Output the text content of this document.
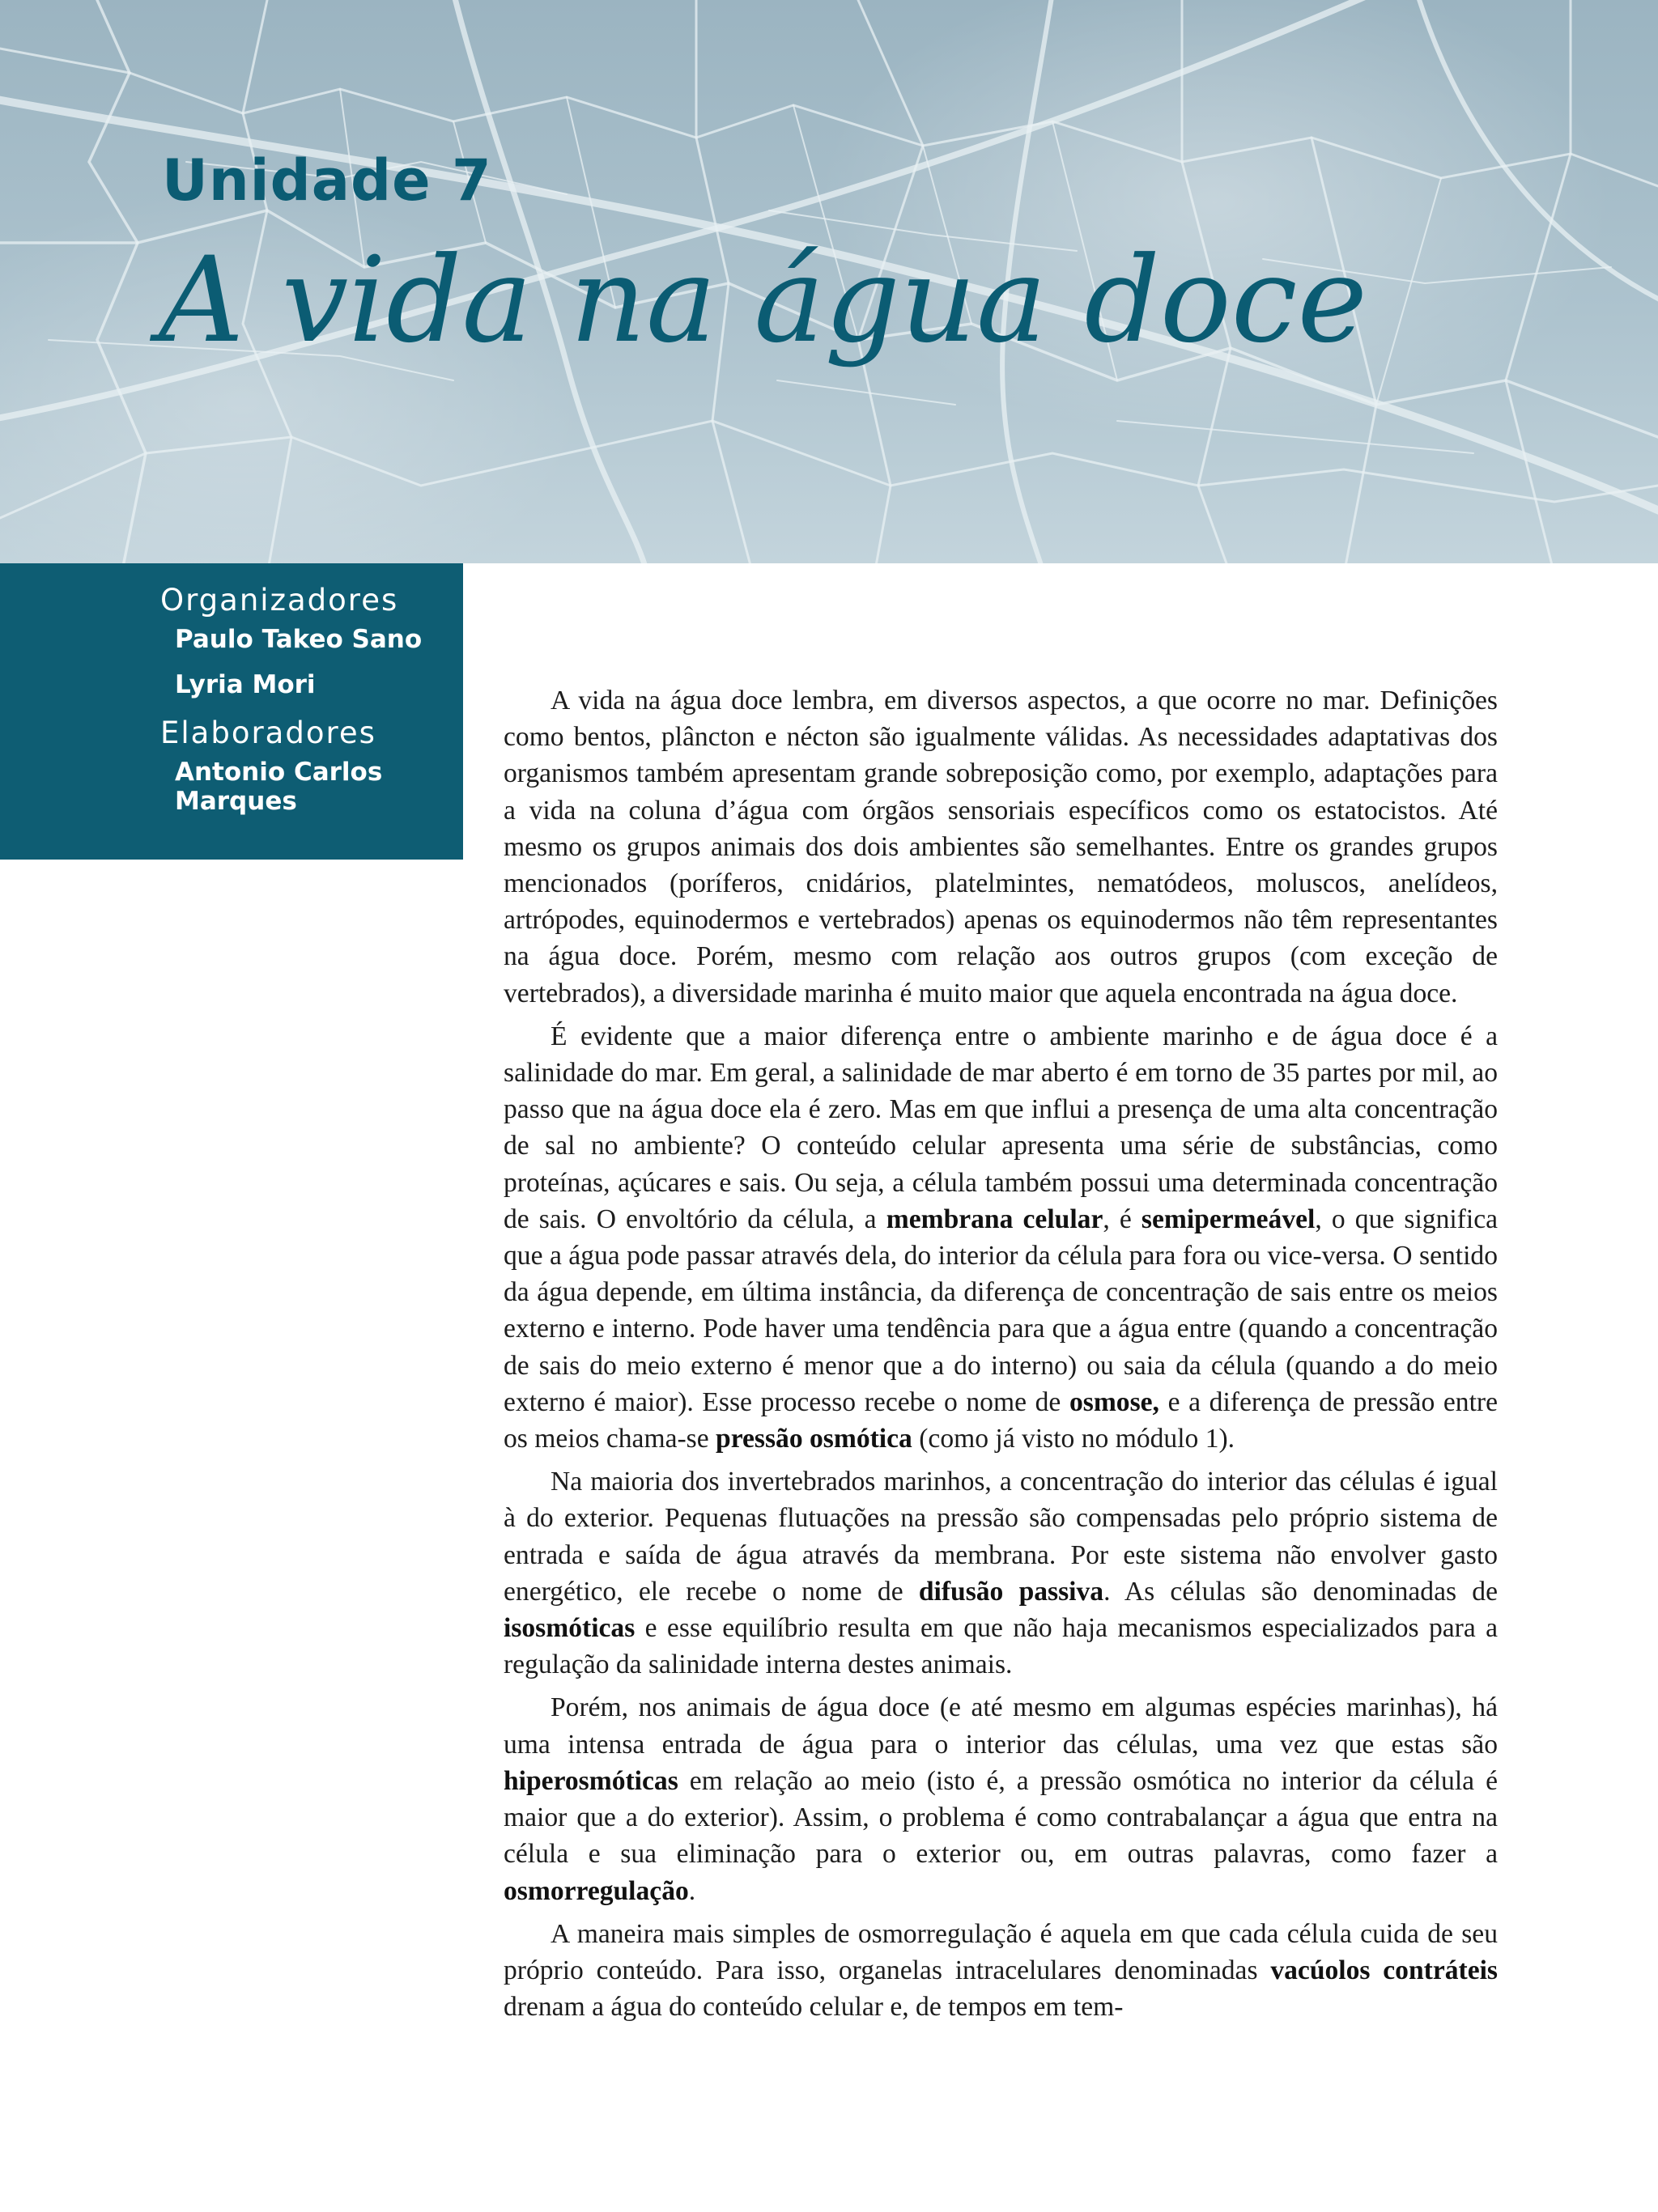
Unidade 7
A vida na água doce
Organizadores
Paulo Takeo Sano
Lyria Mori
Elaboradores
Antonio Carlos Marques

A vida na água doce lembra, em diversos aspectos, a que ocorre no mar. Definições como bentos, plâncton e nécton são igualmente válidas. As necessidades adaptativas dos organismos também apresentam grande sobreposição como, por exemplo, adaptações para a vida na coluna d’água com órgãos sensoriais específicos como os estatocistos. Até mesmo os grupos animais dos dois ambientes são semelhantes. Entre os grandes grupos mencionados (poríferos, cnidários, platelmintes, nematódeos, moluscos, anelídeos, artrópodes, equinodermos e vertebrados) apenas os equinodermos não têm representantes na água doce. Porém, mesmo com relação aos outros grupos (com exceção de vertebrados), a diversidade marinha é muito maior que aquela encontrada na água doce.

É evidente que a maior diferença entre o ambiente marinho e de água doce é a salinidade do mar. Em geral, a salinidade de mar aberto é em torno de 35 partes por mil, ao passo que na água doce ela é zero. Mas em que influi a presença de uma alta concentração de sal no ambiente? O conteúdo celular apresenta uma série de substâncias, como proteínas, açúcares e sais. Ou seja, a célula também possui uma determinada concentração de sais. O envoltório da célula, a membrana celular, é semipermeável, o que significa que a água pode passar através dela, do interior da célula para fora ou vice-versa. O sentido da água depende, em última instância, da diferença de concentração de sais entre os meios externo e interno. Pode haver uma tendência para que a água entre (quando a concentração de sais do meio externo é menor que a do interno) ou saia da célula (quando a do meio externo é maior). Esse processo recebe o nome de osmose, e a diferença de pressão entre os meios chama-se pressão osmótica (como já visto no módulo 1).

Na maioria dos invertebrados marinhos, a concentração do interior das células é igual à do exterior. Pequenas flutuações na pressão são compensadas pelo próprio sistema de entrada e saída de água através da membrana. Por este sistema não envolver gasto energético, ele recebe o nome de difusão passiva. As células são denominadas de isosmóticas e esse equilíbrio resulta em que não haja mecanismos especializados para a regulação da salinidade interna destes animais.

Porém, nos animais de água doce (e até mesmo em algumas espécies marinhas), há uma intensa entrada de água para o interior das células, uma vez que estas são hiperosmóticas em relação ao meio (isto é, a pressão osmótica no interior da célula é maior que a do exterior). Assim, o problema é como contrabalançar a água que entra na célula e sua eliminação para o exterior ou, em outras palavras, como fazer a osmorregulação.

A maneira mais simples de osmorregulação é aquela em que cada célula cuida de seu próprio conteúdo. Para isso, organelas intracelulares denominadas vacúolos contráteis drenam a água do conteúdo celular e, de tempos em tem-
